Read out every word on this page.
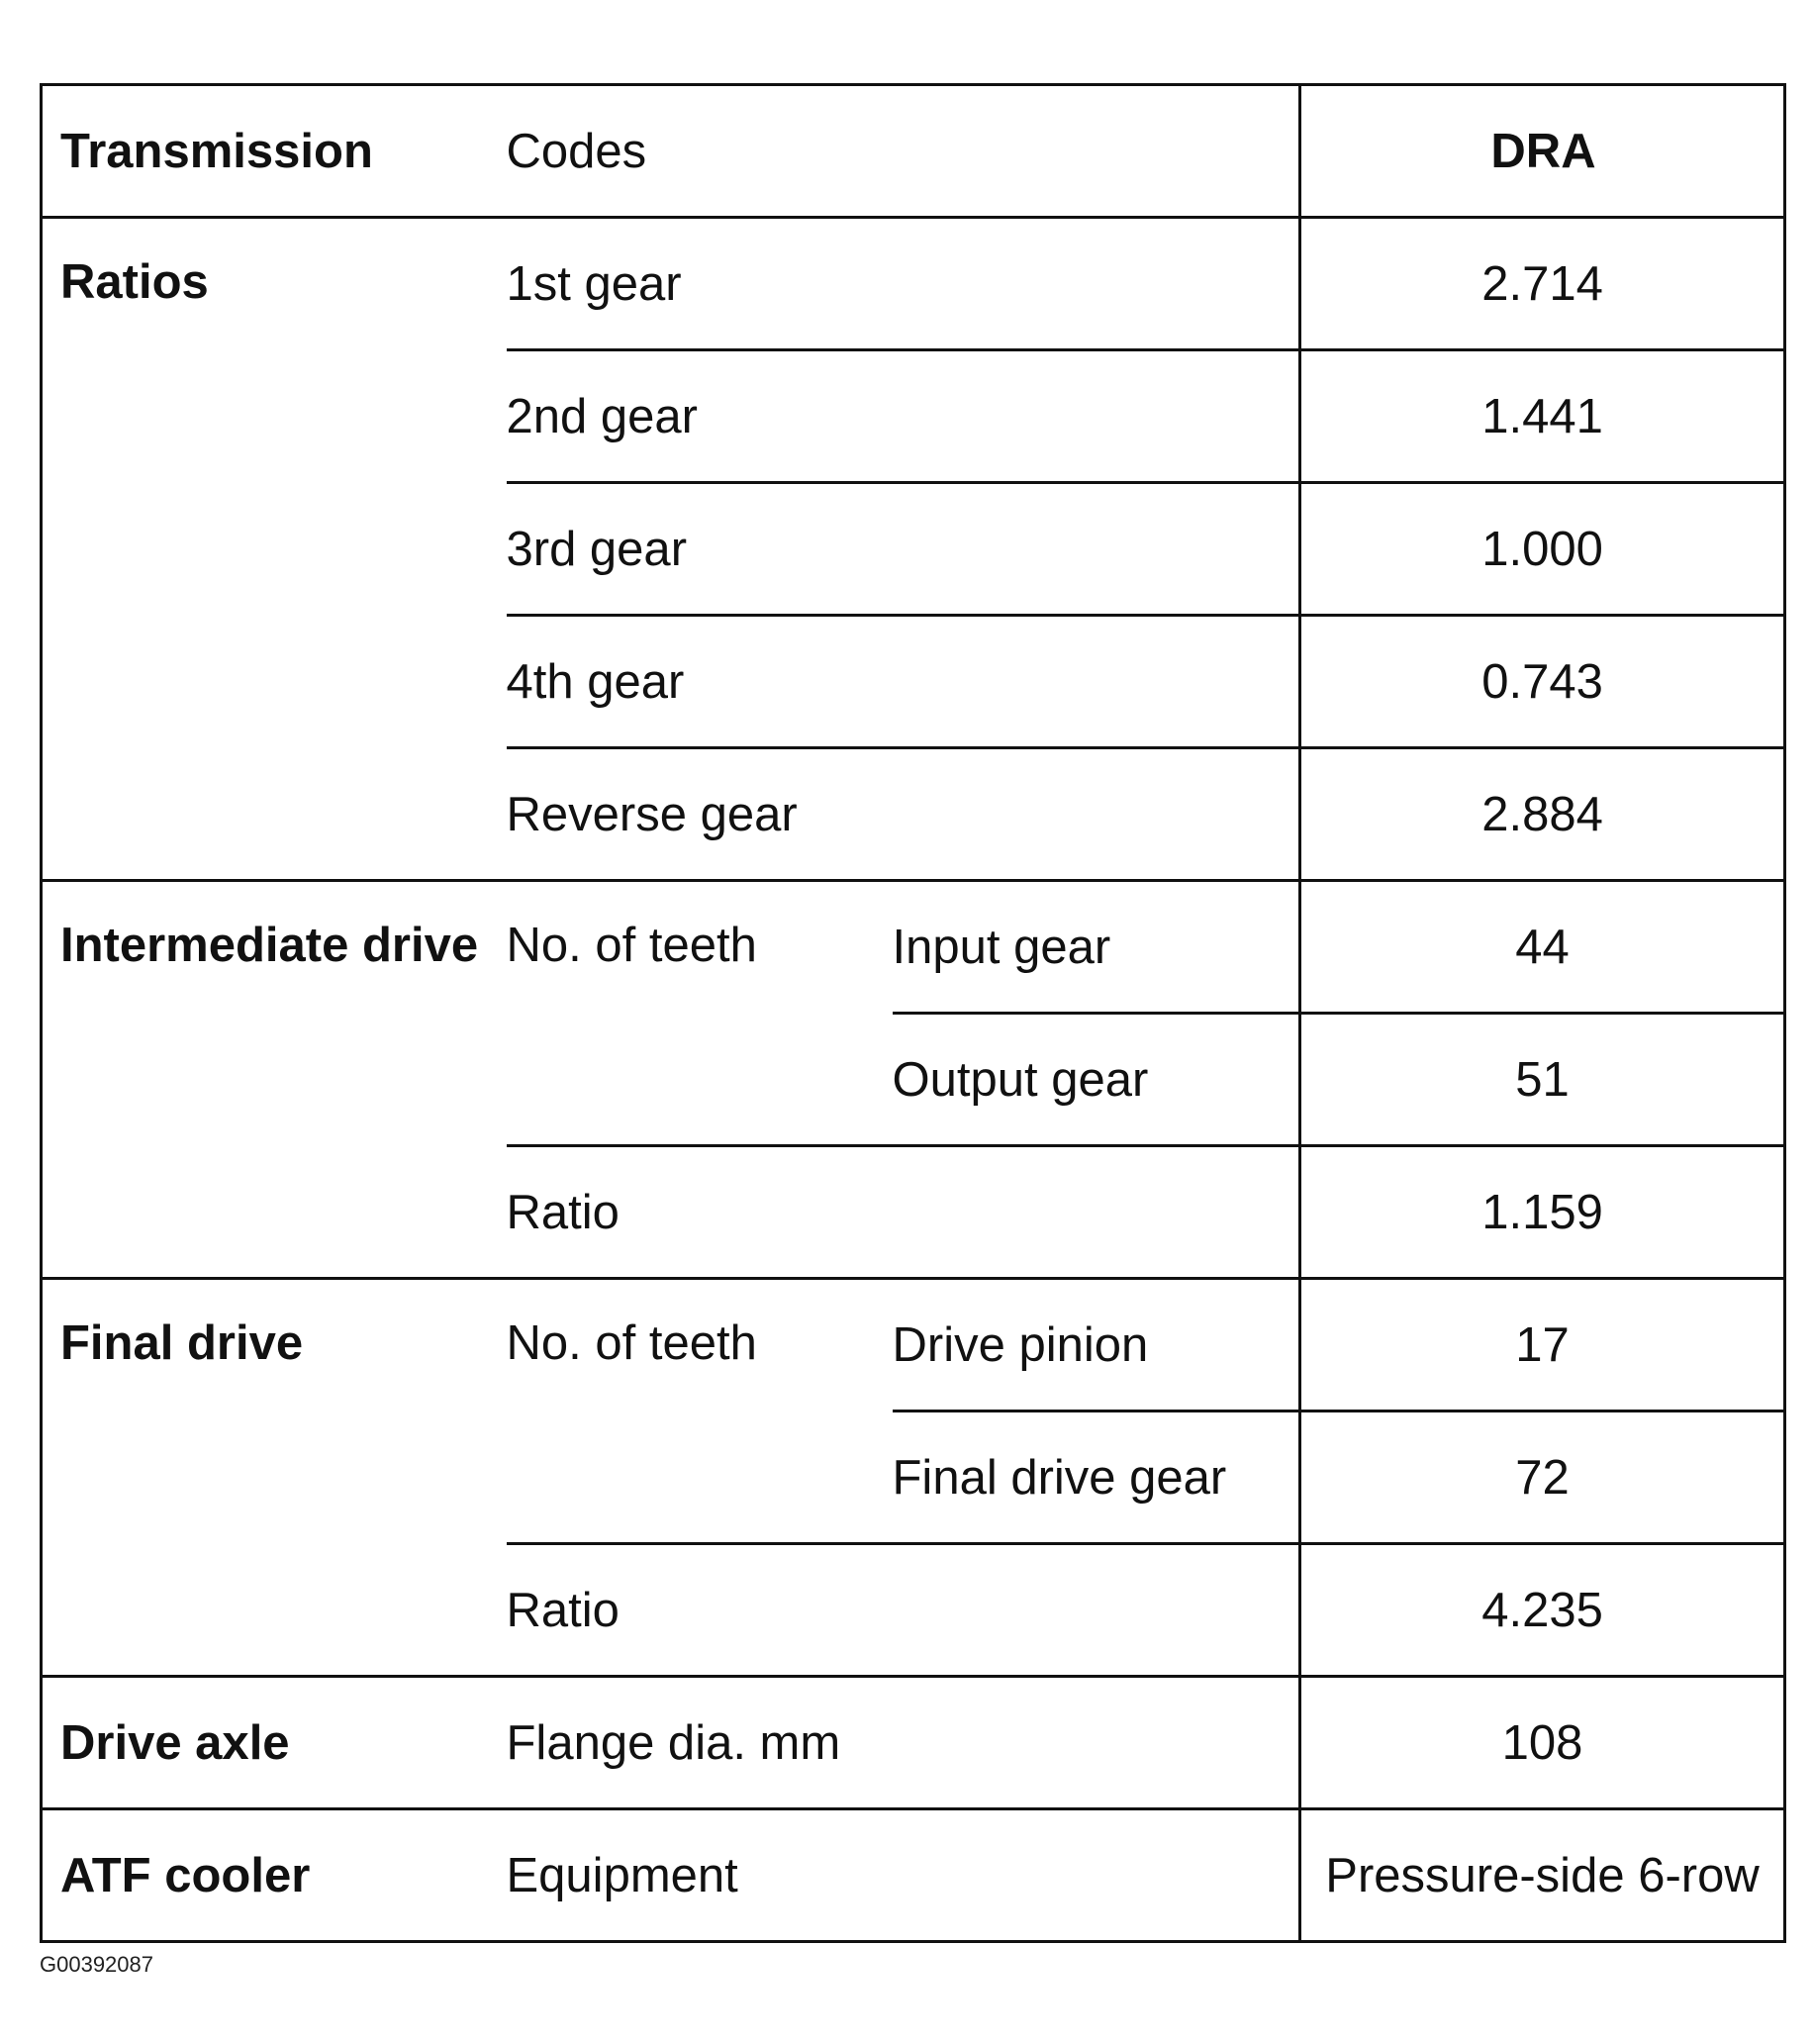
Transmission	Codes		DRA
Ratios	1st gear		2.714
	2nd gear		1.441
	3rd gear		1.000
	4th gear		0.743
	Reverse gear		2.884
Intermediate drive	No. of teeth	Input gear	44
		Output gear	51
	Ratio		1.159
Final drive	No. of teeth	Drive pinion	17
		Final drive gear	72
	Ratio		4.235
Drive axle	Flange dia. mm		108
ATF cooler	Equipment		Pressure-side 6-row
G00392087
